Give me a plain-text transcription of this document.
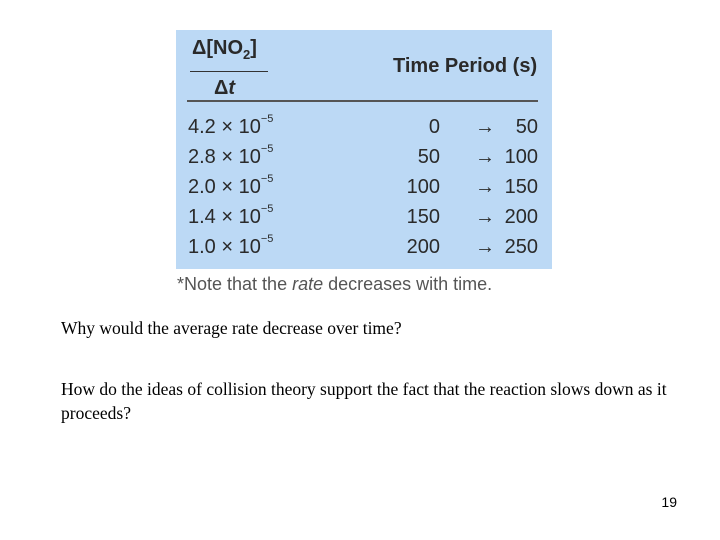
$\Delta[NO_2]$
Δt
Time Period (s)
$4.2 \times 10^{-5}$	0 → 50
$2.8 \times 10^{-5}$	50 → 100
$2.0 \times 10^{-5}$	100 → 150
$1.4 \times 10^{-5}$	150 → 200
$1.0 \times 10^{-5}$	200 → 250
*Note that the rate decreases with time.
Why would the average rate decrease over time?
How do the ideas of collision theory support the fact that the reaction slows down as it proceeds?
19
